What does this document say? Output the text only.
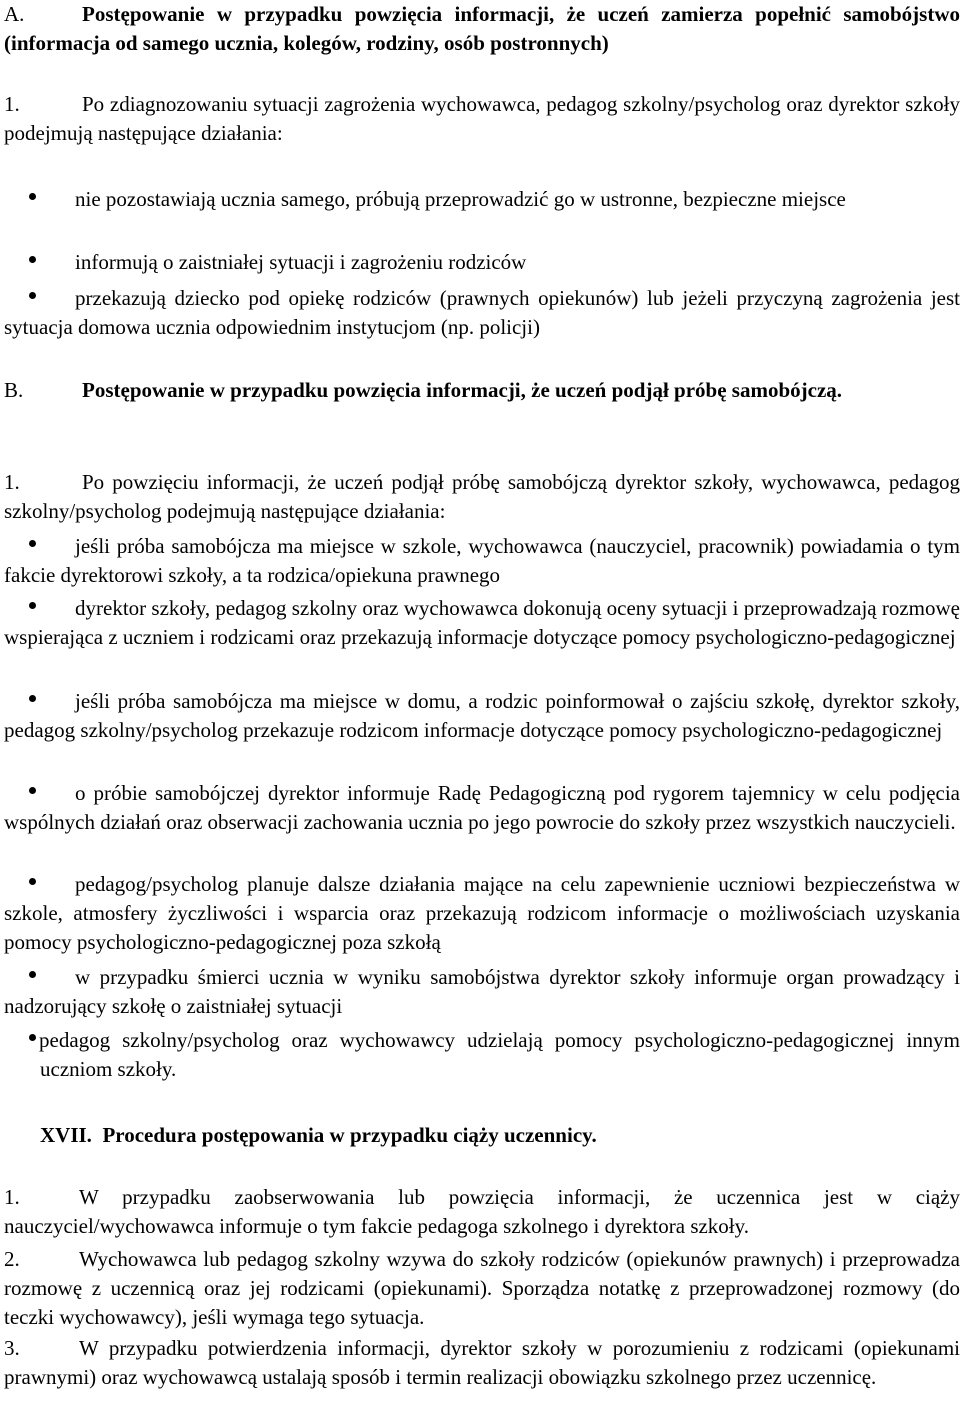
A.	Postępowanie w przypadku powzięcia informacji, że uczeń zamierza popełnić samobójstwo (informacja od samego ucznia, kolegów, rodziny, osób postronnych)
1.	Po zdiagnozowaniu sytuacji zagrożenia wychowawca, pedagog szkolny/psycholog oraz dyrektor szkoły podejmują następujące działania:
nie pozostawiają ucznia samego, próbują przeprowadzić go w ustronne, bezpieczne miejsce
informują o zaistniałej sytuacji i zagrożeniu rodziców
przekazują dziecko pod opiekę rodziców (prawnych opiekunów) lub jeżeli przyczyną zagrożenia jest sytuacja domowa ucznia odpowiednim instytucjom (np. policji)
B.	Postępowanie w przypadku powzięcia informacji, że uczeń podjął próbę samobójczą.
1.	Po powzięciu informacji, że uczeń podjął próbę samobójczą dyrektor szkoły, wychowawca, pedagog szkolny/psycholog podejmują następujące działania:
jeśli próba samobójcza ma miejsce w szkole, wychowawca (nauczyciel, pracownik) powiadamia o tym fakcie dyrektorowi szkoły, a ta rodzica/opiekuna prawnego
dyrektor szkoły, pedagog szkolny oraz wychowawca dokonują oceny sytuacji i przeprowadzają rozmowę wspierająca z uczniem i rodzicami oraz przekazują informacje dotyczące pomocy psychologiczno-pedagogicznej
jeśli próba samobójcza ma miejsce w domu, a rodzic poinformował o zajściu szkołę, dyrektor szkoły, pedagog szkolny/psycholog przekazuje rodzicom informacje dotyczące pomocy psychologiczno-pedagogicznej
o próbie samobójczej dyrektor informuje Radę Pedagogiczną pod rygorem tajemnicy w celu podjęcia wspólnych działań oraz obserwacji zachowania ucznia po jego powrocie do szkoły przez wszystkich nauczycieli.
pedagog/psycholog planuje dalsze działania mające na celu zapewnienie uczniowi bezpieczeństwa w szkole, atmosfery życzliwości i wsparcia oraz przekazują rodzicom informacje o możliwościach uzyskania pomocy psychologiczno-pedagogicznej poza szkołą
w przypadku śmierci ucznia w wyniku samobójstwa dyrektor szkoły informuje organ prowadzący i nadzorujący szkołę o zaistniałej sytuacji
pedagog szkolny/psycholog oraz wychowawcy udzielają pomocy psychologiczno-pedagogicznej innym uczniom szkoły.
XVII. Procedura postępowania w przypadku ciąży uczennicy.
1.	W przypadku zaobserwowania lub powzięcia informacji, że uczennica jest w ciąży nauczyciel/wychowawca informuje o tym fakcie pedagoga szkolnego i dyrektora szkoły.
2.	Wychowawca lub pedagog szkolny wzywa do szkoły rodziców (opiekunów prawnych) i przeprowadza rozmowę z uczennicą oraz jej rodzicami (opiekunami). Sporządza notatkę z przeprowadzonej rozmowy (do teczki wychowawcy), jeśli wymaga tego sytuacja.
3.	W przypadku potwierdzenia informacji, dyrektor szkoły w porozumieniu z rodzicami (opiekunami prawnymi) oraz wychowawcą ustalają sposób i termin realizacji obowiązku szkolnego przez uczennicę.
